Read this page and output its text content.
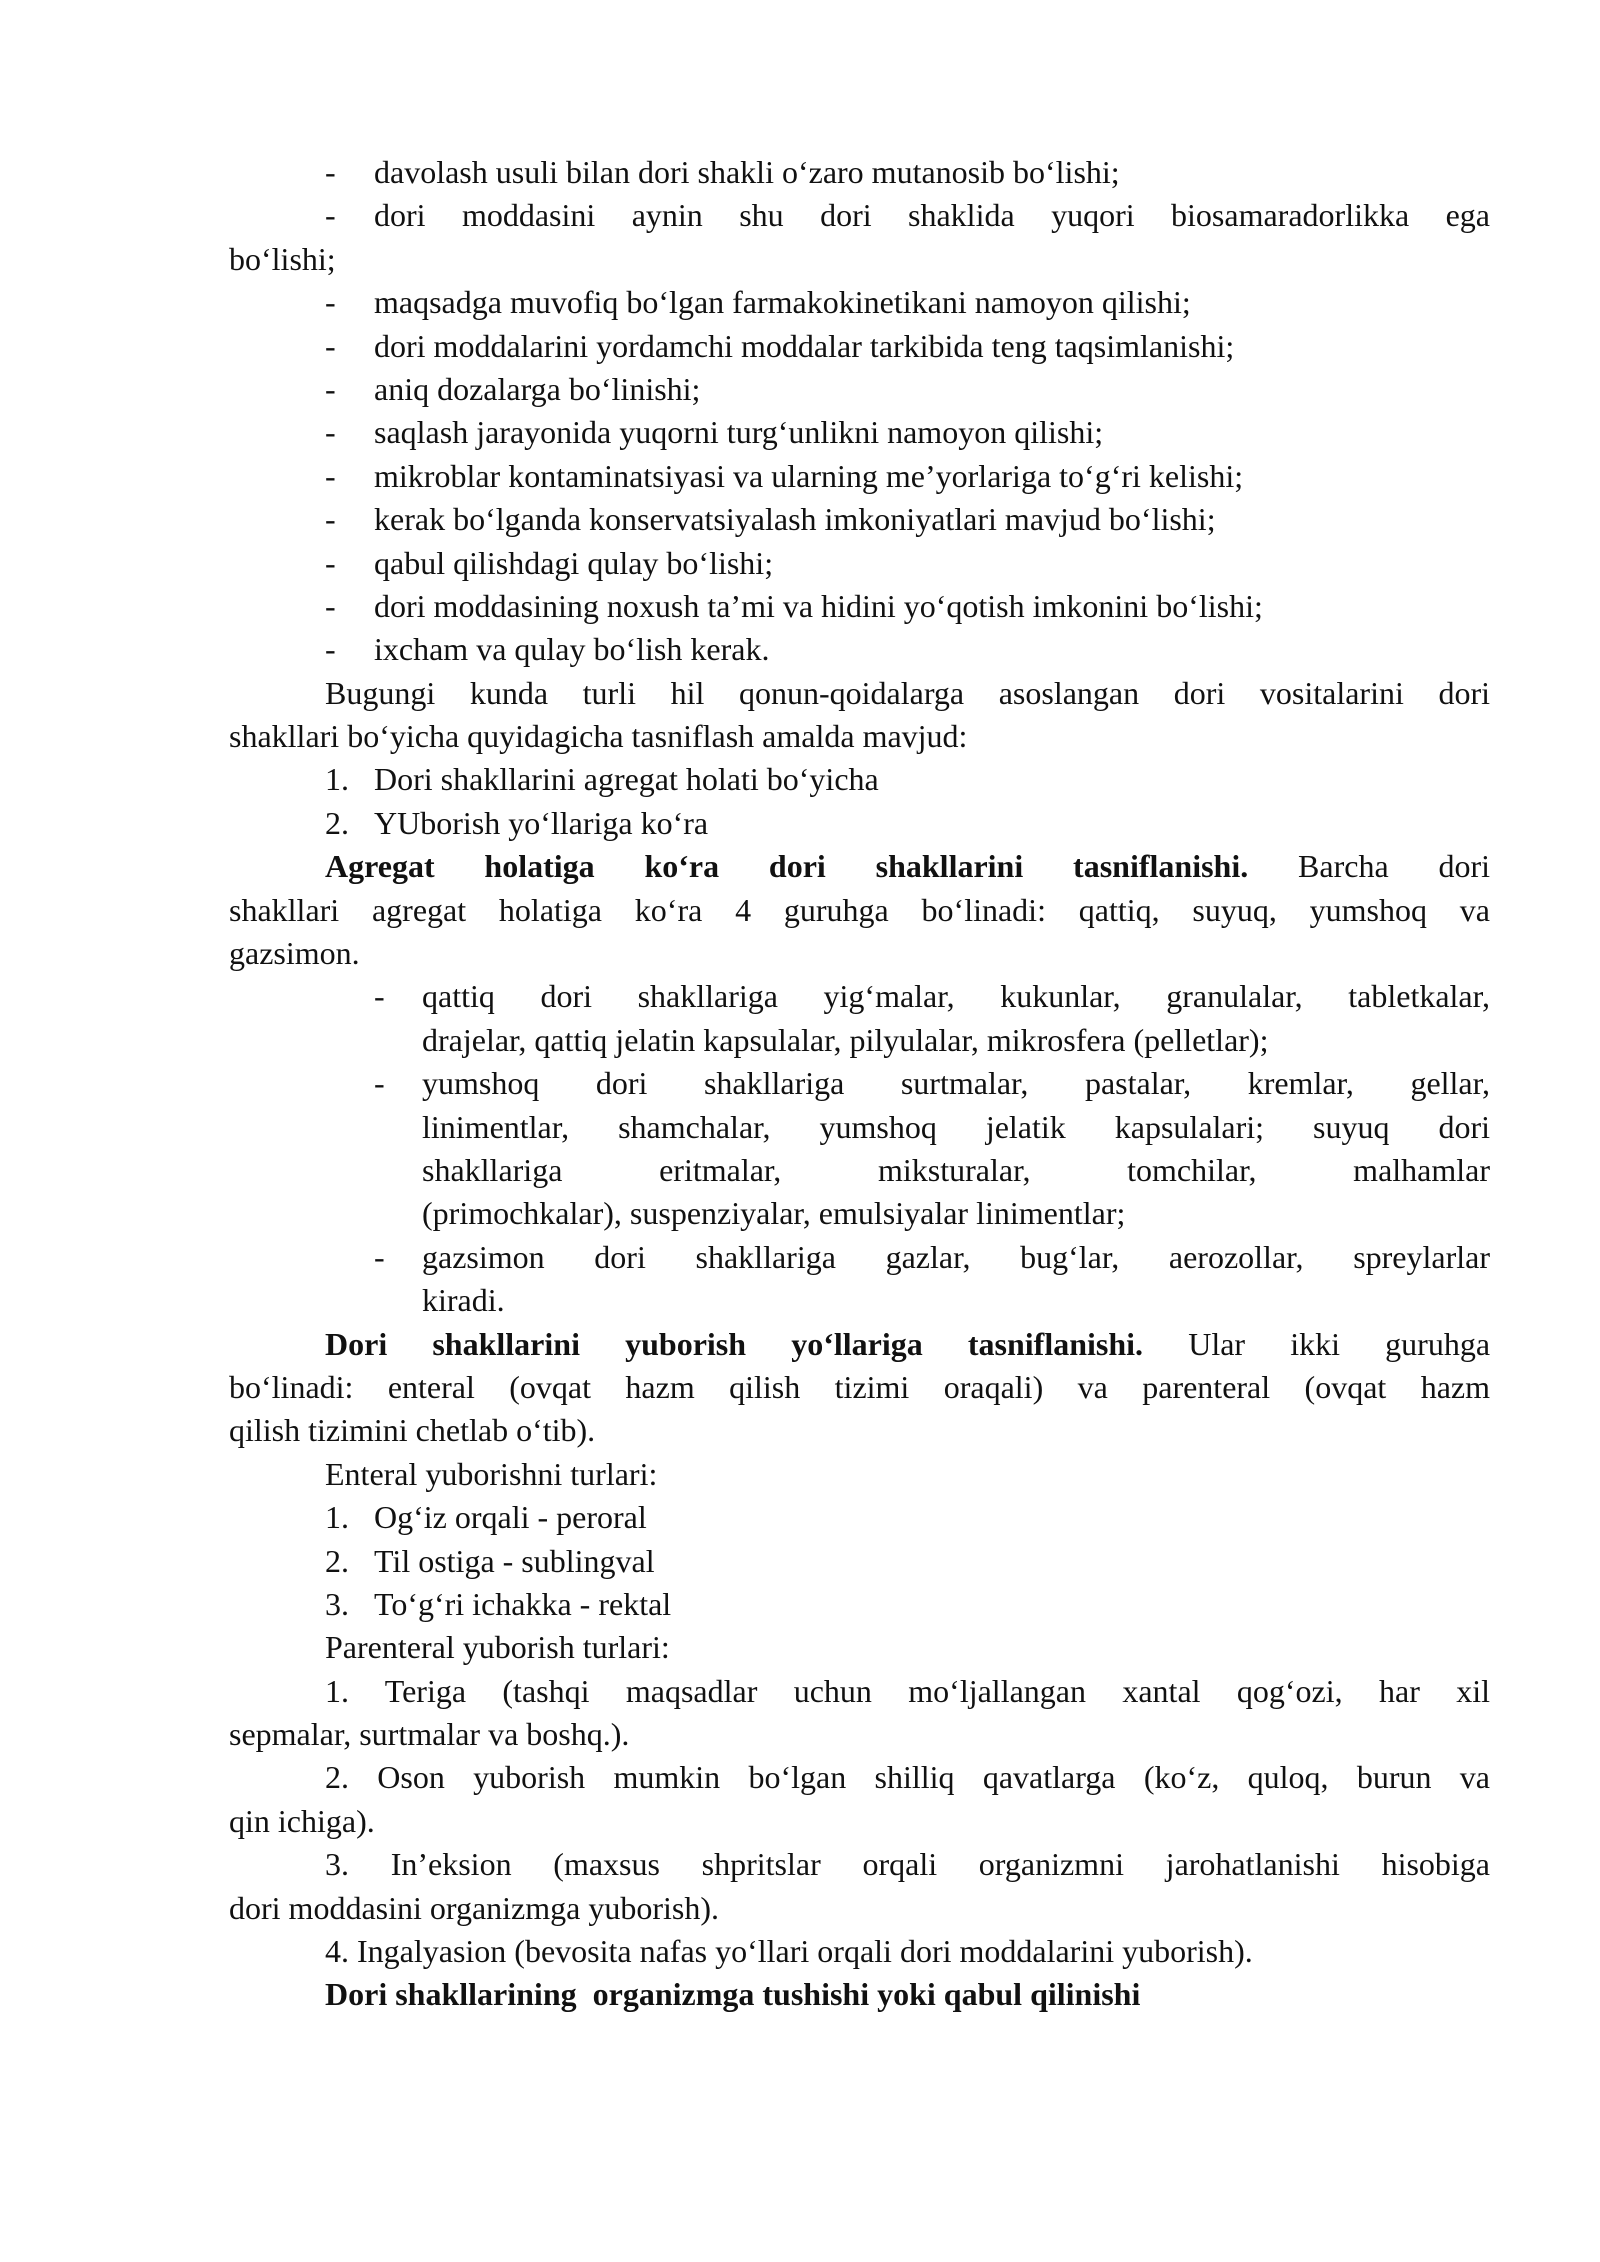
- davolash usuli bilan dori shakli o‘zaro mutanosib bo‘lishi;
- dori moddasini aynin shu dori shaklida yuqori biosamaradorlikka ega
bo‘lishi;
- maqsadga muvofiq bo‘lgan farmakokinetikani namoyon qilishi;
- dori moddalarini yordamchi moddalar tarkibida teng taqsimlanishi;
- aniq dozalarga bo‘linishi;
- saqlash jarayonida yuqorni turg‘unlikni namoyon qilishi;
- mikroblar kontaminatsiyasi va ularning me’yorlariga to‘g‘ri kelishi;
- kerak bo‘lganda konservatsiyalash imkoniyatlari mavjud bo‘lishi;
- qabul qilishdagi qulay bo‘lishi;
- dori moddasining noxush ta’mi va hidini yo‘qotish imkonini bo‘lishi;
- ixcham va qulay bo‘lish kerak.
Bugungi kunda turli hil qonun-qoidalarga asoslangan dori vositalarini dori
shakllari bo‘yicha quyidagicha tasniflash amalda mavjud:
1. Dori shakllarini agregat holati bo‘yicha
2. YUborish yo‘llariga ko‘ra
Agregat holatiga ko‘ra dori shakllarini tasniflanishi. Barcha dori
shakllari agregat holatiga ko‘ra 4 guruhga bo‘linadi: qattiq, suyuq, yumshoq va
gazsimon.
- qattiq dori shakllariga yig‘malar, kukunlar, granulalar, tabletkalar,
drajelar, qattiq jelatin kapsulalar, pilyulalar, mikrosfera (pelletlar);
- yumshoq dori shakllariga surtmalar, pastalar, kremlar, gellar,
linimentlar, shamchalar, yumshoq jelatik kapsulalari; suyuq dori
shakllariga eritmalar, miksturalar, tomchilar, malhamlar
(primochkalar), suspenziyalar, emulsiyalar linimentlar;
- gazsimon dori shakllariga gazlar, bug‘lar, aerozollar, spreylarlar
kiradi.
Dori shakllarini yuborish yo‘llariga tasniflanishi. Ular ikki guruhga
bo‘linadi: enteral (ovqat hazm qilish tizimi oraqali) va parenteral (ovqat hazm
qilish tizimini chetlab o‘tib).
Enteral yuborishni turlari:
1. Og‘iz orqali - peroral
2. Til ostiga - sublingval
3. To‘g‘ri ichakka - rektal
Parenteral yuborish turlari:
1. Teriga (tashqi maqsadlar uchun mo‘ljallangan xantal qog‘ozi, har xil
sepmalar, surtmalar va boshq.).
2. Oson yuborish mumkin bo‘lgan shilliq qavatlarga (ko‘z, quloq, burun va
qin ichiga).
3. In’eksion (maxsus shpritslar orqali organizmni jarohatlanishi hisobiga
dori moddasini organizmga yuborish).
4. Ingalyasion (bevosita nafas yo‘llari orqali dori moddalarini yuborish).
Dori shakllarining  organizmga tushishi yoki qabul qilinishi
